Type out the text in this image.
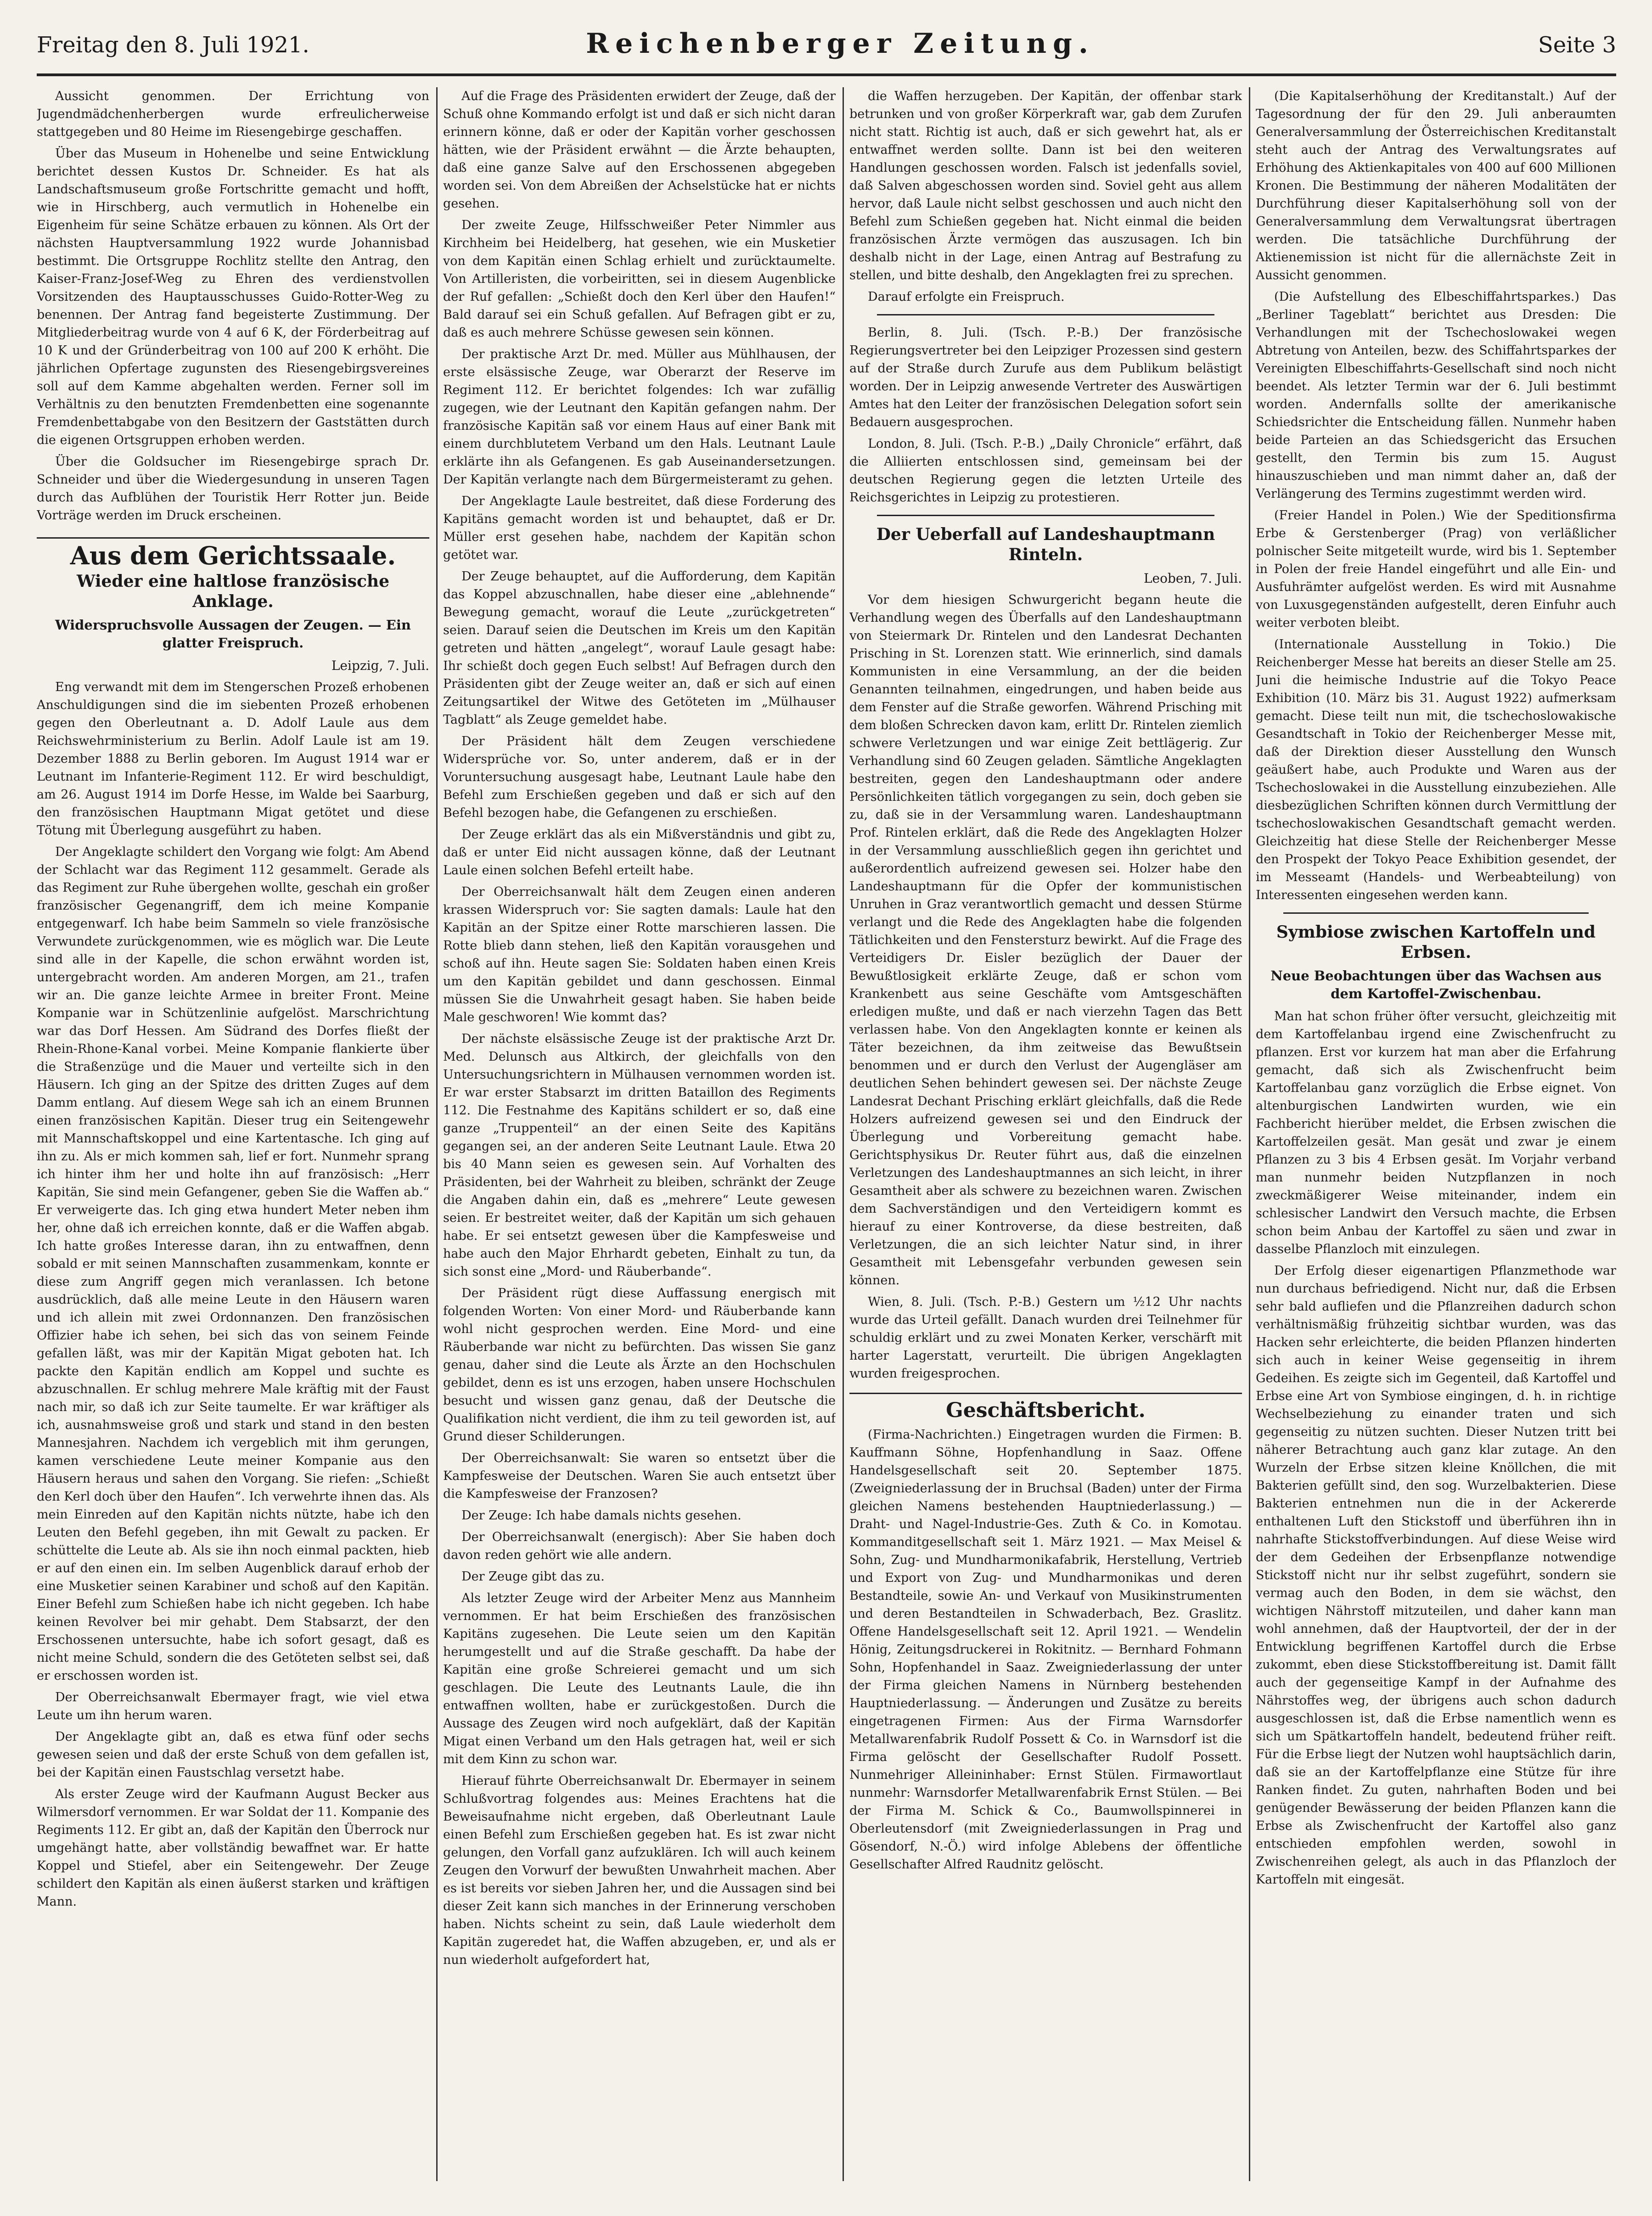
Freitag den 8. Juli 1921.	Reichenberger Zeitung.	Seite 3

Aussicht genommen. Der Errichtung von Jugendmädchenherbergen wurde erfreulicherweise stattgegeben und 80 Heime im Riesengebirge geschaffen.

Über das Museum in Hohenelbe und seine Entwicklung berichtet dessen Kustos Dr. Schneider. Es hat als Landschaftsmuseum große Fortschritte gemacht und hofft, wie in Hirschberg, auch vermutlich in Hohenelbe ein Eigenheim für seine Schätze erbauen zu können. Als Ort der nächsten Hauptversammlung 1922 wurde Johannisbad bestimmt. Die Ortsgruppe Rochlitz stellte den Antrag, den Kaiser-Franz-Josef-Weg zu Ehren des verdienstvollen Vorsitzenden des Hauptausschusses Guido-Rotter-Weg zu benennen. Der Antrag fand begeisterte Zustimmung. Der Mitgliederbeitrag wurde von 4 auf 6 K, der Förderbeitrag auf 10 K und der Gründerbeitrag von 100 auf 200 K erhöht. Die jährlichen Opfertage zugunsten des Riesengebirgsvereines soll auf dem Kamme abgehalten werden. Ferner soll im Verhältnis zu den benutzten Fremdenbetten eine sogenannte Fremdenbettabgabe von den Besitzern der Gaststätten durch die eigenen Ortsgruppen erhoben werden.

Über die Goldsucher im Riesengebirge sprach Dr. Schneider und über die Wiedergesundung in unseren Tagen durch das Aufblühen der Touristik Herr Rotter jun. Beide Vorträge werden im Druck erscheinen.

Aus dem Gerichtssaale.
Wieder eine haltlose französische Anklage.
Widerspruchsvolle Aussagen der Zeugen. — Ein glatter Freispruch.
Leipzig, 7. Juli.

Eng verwandt mit dem im Stengerschen Prozeß erhobenen Anschuldigungen sind die im siebenten Prozeß erhobenen gegen den Oberleutnant a. D. Adolf Laule aus dem Reichswehrministerium zu Berlin. Adolf Laule ist am 19. Dezember 1888 zu Berlin geboren. Im August 1914 war er Leutnant im Infanterie-Regiment 112. Er wird beschuldigt, am 26. August 1914 im Dorfe Hesse, im Walde bei Saarburg, den französischen Hauptmann Migat getötet und diese Tötung mit Überlegung ausgeführt zu haben.

Der Angeklagte schildert den Vorgang wie folgt: Am Abend der Schlacht war das Regiment 112 gesammelt. Gerade als das Regiment zur Ruhe übergehen wollte, geschah ein großer französischer Gegenangriff, dem ich meine Kompanie entgegenwarf. Ich habe beim Sammeln so viele französische Verwundete zurückgenommen, wie es möglich war. Die Leute sind alle in der Kapelle, die schon erwähnt worden ist, untergebracht worden. Am anderen Morgen, am 21., trafen wir an. Die ganze leichte Armee in breiter Front. Meine Kompanie war in Schützenlinie aufgelöst. Marschrichtung war das Dorf Hessen. Am Südrand des Dorfes fließt der Rhein-Rhone-Kanal vorbei. Meine Kompanie flankierte über die Straßenzüge und die Mauer und verteilte sich in den Häusern. Ich ging an der Spitze des dritten Zuges auf dem Damm entlang. Auf diesem Wege sah ich an einem Brunnen einen französischen Kapitän. Dieser trug ein Seitengewehr mit Mannschaftskoppel und eine Kartentasche. Ich ging auf ihn zu. Als er mich kommen sah, lief er fort. Nunmehr sprang ich hinter ihm her und holte ihn auf französisch: „Herr Kapitän, Sie sind mein Gefangener, geben Sie die Waffen ab.“ Er verweigerte das. Ich ging etwa hundert Meter neben ihm her, ohne daß ich erreichen konnte, daß er die Waffen abgab. Ich hatte großes Interesse daran, ihn zu entwaffnen, denn sobald er mit seinen Mannschaften zusammenkam, konnte er diese zum Angriff gegen mich veranlassen. Ich betone ausdrücklich, daß alle meine Leute in den Häusern waren und ich allein mit zwei Ordonnanzen. Den französischen Offizier habe ich sehen, bei sich das von seinem Feinde gefallen läßt, was mir der Kapitän Migat geboten hat. Ich packte den Kapitän endlich am Koppel und suchte es abzuschnallen. Er schlug mehrere Male kräftig mit der Faust nach mir, so daß ich zur Seite taumelte. Er war kräftiger als ich, ausnahmsweise groß und stark und stand in den besten Mannesjahren. Nachdem ich vergeblich mit ihm gerungen, kamen verschiedene Leute meiner Kompanie aus den Häusern heraus und sahen den Vorgang. Sie riefen: „Schießt den Kerl doch über den Haufen“. Ich verwehrte ihnen das. Als mein Einreden auf den Kapitän nichts nützte, habe ich den Leuten den Befehl gegeben, ihn mit Gewalt zu packen. Er schüttelte die Leute ab. Als sie ihn noch einmal packten, hieb er auf den einen ein. Im selben Augenblick darauf erhob der eine Musketier seinen Karabiner und schoß auf den Kapitän. Einer Befehl zum Schießen habe ich nicht gegeben. Ich habe keinen Revolver bei mir gehabt. Dem Stabsarzt, der den Erschossenen untersuchte, habe ich sofort gesagt, daß es nicht meine Schuld, sondern die des Getöteten selbst sei, daß er erschossen worden ist.

Der Oberreichsanwalt Ebermayer fragt, wie viel etwa Leute um ihn herum waren.

Der Angeklagte gibt an, daß es etwa fünf oder sechs gewesen seien und daß der erste Schuß von dem gefallen ist, bei der Kapitän einen Faustschlag versetzt habe.

Als erster Zeuge wird der Kaufmann August Becker aus Wilmersdorf vernommen. Er war Soldat der 11. Kompanie des Regiments 112. Er gibt an, daß der Kapitän den Überrock nur umgehängt hatte, aber vollständig bewaffnet war. Er hatte Koppel und Stiefel, aber ein Seitengewehr. Der Zeuge schildert den Kapitän als einen äußerst starken und kräftigen Mann.

Auf die Frage des Präsidenten erwidert der Zeuge, daß der Schuß ohne Kommando erfolgt ist und daß er sich nicht daran erinnern könne, daß er oder der Kapitän vorher geschossen hätten, wie der Präsident erwähnt — die Ärzte behaupten, daß eine ganze Salve auf den Erschossenen abgegeben worden sei. Von dem Abreißen der Achselstücke hat er nichts gesehen.

Der zweite Zeuge, Hilfsschweißer Peter Nimmler aus Kirchheim bei Heidelberg, hat gesehen, wie ein Musketier von dem Kapitän einen Schlag erhielt und zurücktaumelte. Von Artilleristen, die vorbeiritten, sei in diesem Augenblicke der Ruf gefallen: „Schießt doch den Kerl über den Haufen!“ Bald darauf sei ein Schuß gefallen. Auf Befragen gibt er zu, daß es auch mehrere Schüsse gewesen sein können.

Der praktische Arzt Dr. med. Müller aus Mühlhausen, der erste elsässische Zeuge, war Oberarzt der Reserve im Regiment 112. Er berichtet folgendes: Ich war zufällig zugegen, wie der Leutnant den Kapitän gefangen nahm. Der französische Kapitän saß vor einem Haus auf einer Bank mit einem durchblutetem Verband um den Hals. Leutnant Laule erklärte ihn als Gefangenen. Es gab Auseinandersetzungen. Der Kapitän verlangte nach dem Bürgermeisteramt zu gehen.

Der Angeklagte Laule bestreitet, daß diese Forderung des Kapitäns gemacht worden ist und behauptet, daß er Dr. Müller erst gesehen habe, nachdem der Kapitän schon getötet war.

Der Zeuge behauptet, auf die Aufforderung, dem Kapitän das Koppel abzuschnallen, habe dieser eine „ablehnende“ Bewegung gemacht, worauf die Leute „zurückgetreten“ seien. Darauf seien die Deutschen im Kreis um den Kapitän getreten und hätten „angelegt“, worauf Laule gesagt habe: Ihr schießt doch gegen Euch selbst! Auf Befragen durch den Präsidenten gibt der Zeuge weiter an, daß er sich auf einen Zeitungsartikel der Witwe des Getöteten im „Mülhauser Tagblatt“ als Zeuge gemeldet habe.

Der Präsident hält dem Zeugen verschiedene Widersprüche vor. So, unter anderem, daß er in der Voruntersuchung ausgesagt habe, Leutnant Laule habe den Befehl zum Erschießen gegeben und daß er sich auf den Befehl bezogen habe, die Gefangenen zu erschießen.

Der Zeuge erklärt das als ein Mißverständnis und gibt zu, daß er unter Eid nicht aussagen könne, daß der Leutnant Laule einen solchen Befehl erteilt habe.

Der Oberreichsanwalt hält dem Zeugen einen anderen krassen Widerspruch vor: Sie sagten damals: Laule hat den Kapitän an der Spitze einer Rotte marschieren lassen. Die Rotte blieb dann stehen, ließ den Kapitän vorausgehen und schoß auf ihn. Heute sagen Sie: Soldaten haben einen Kreis um den Kapitän gebildet und dann geschossen. Einmal müssen Sie die Unwahrheit gesagt haben. Sie haben beide Male geschworen! Wie kommt das?

Der nächste elsässische Zeuge ist der praktische Arzt Dr. Med. Delunsch aus Altkirch, der gleichfalls von den Untersuchungsrichtern in Mülhausen vernommen worden ist. Er war erster Stabsarzt im dritten Bataillon des Regiments 112. Die Festnahme des Kapitäns schildert er so, daß eine ganze „Truppenteil“ an der einen Seite des Kapitäns gegangen sei, an der anderen Seite Leutnant Laule. Etwa 20 bis 40 Mann seien es gewesen sein. Auf Vorhalten des Präsidenten, bei der Wahrheit zu bleiben, schränkt der Zeuge die Angaben dahin ein, daß es „mehrere“ Leute gewesen seien. Er bestreitet weiter, daß der Kapitän um sich gehauen habe. Er sei entsetzt gewesen über die Kampfesweise und habe auch den Major Ehrhardt gebeten, Einhalt zu tun, da sich sonst eine „Mord- und Räuberbande“.

Der Präsident rügt diese Auffassung energisch mit folgenden Worten: Von einer Mord- und Räuberbande kann wohl nicht gesprochen werden. Eine Mord- und eine Räuberbande war nicht zu befürchten. Das wissen Sie ganz genau, daher sind die Leute als Ärzte an den Hochschulen gebildet, denn es ist uns erzogen, haben unsere Hochschulen besucht und wissen ganz genau, daß der Deutsche die Qualifikation nicht verdient, die ihm zu teil geworden ist, auf Grund dieser Schilderungen.

Der Oberreichsanwalt: Sie waren so entsetzt über die Kampfesweise der Deutschen. Waren Sie auch entsetzt über die Kampfesweise der Franzosen?

Der Zeuge: Ich habe damals nichts gesehen.

Der Oberreichsanwalt (energisch): Aber Sie haben doch davon reden gehört wie alle andern.

Der Zeuge gibt das zu.

Als letzter Zeuge wird der Arbeiter Menz aus Mannheim vernommen. Er hat beim Erschießen des französischen Kapitäns zugesehen. Die Leute seien um den Kapitän herumgestellt und auf die Straße geschafft. Da habe der Kapitän eine große Schreierei gemacht und um sich geschlagen. Die Leute des Leutnants Laule, die ihn entwaffnen wollten, habe er zurückgestoßen. Durch die Aussage des Zeugen wird noch aufgeklärt, daß der Kapitän Migat einen Verband um den Hals getragen hat, weil er sich mit dem Kinn zu schon war.

Hierauf führte Oberreichsanwalt Dr. Ebermayer in seinem Schlußvortrag folgendes aus: Meines Erachtens hat die Beweisaufnahme nicht ergeben, daß Oberleutnant Laule einen Befehl zum Erschießen gegeben hat. Es ist zwar nicht gelungen, den Vorfall ganz aufzuklären. Ich will auch keinem Zeugen den Vorwurf der bewußten Unwahrheit machen. Aber es ist bereits vor sieben Jahren her, und die Aussagen sind bei dieser Zeit kann sich manches in der Erinnerung verschoben haben. Nichts scheint zu sein, daß Laule wiederholt dem Kapitän zugeredet hat, die Waffen abzugeben, er, und als er nun wiederholt aufgefordert hat,

die Waffen herzugeben. Der Kapitän, der offenbar stark betrunken und von großer Körperkraft war, gab dem Zurufen nicht statt. Richtig ist auch, daß er sich gewehrt hat, als er entwaffnet werden sollte. Dann ist bei den weiteren Handlungen geschossen worden. Falsch ist jedenfalls soviel, daß Salven abgeschossen worden sind. Soviel geht aus allem hervor, daß Laule nicht selbst geschossen und auch nicht den Befehl zum Schießen gegeben hat. Nicht einmal die beiden französischen Ärzte vermögen das auszusagen. Ich bin deshalb nicht in der Lage, einen Antrag auf Bestrafung zu stellen, und bitte deshalb, den Angeklagten frei zu sprechen.

Darauf erfolgte ein Freispruch.

Berlin, 8. Juli. (Tsch. P.-B.) Der französische Regierungsvertreter bei den Leipziger Prozessen sind gestern auf der Straße durch Zurufe aus dem Publikum belästigt worden. Der in Leipzig anwesende Vertreter des Auswärtigen Amtes hat den Leiter der französischen Delegation sofort sein Bedauern ausgesprochen.

London, 8. Juli. (Tsch. P.-B.) „Daily Chronicle“ erfährt, daß die Alliierten entschlossen sind, gemeinsam bei der deutschen Regierung gegen die letzten Urteile des Reichsgerichtes in Leipzig zu protestieren.

Der Ueberfall auf Landeshauptmann Rinteln.
Leoben, 7. Juli.

Vor dem hiesigen Schwurgericht begann heute die Verhandlung wegen des Überfalls auf den Landeshauptmann von Steiermark Dr. Rintelen und den Landesrat Dechanten Prisching in St. Lorenzen statt. Wie erinnerlich, sind damals Kommunisten in eine Versammlung, an der die beiden Genannten teilnahmen, eingedrungen, und haben beide aus dem Fenster auf die Straße geworfen. Während Prisching mit dem bloßen Schrecken davon kam, erlitt Dr. Rintelen ziemlich schwere Verletzungen und war einige Zeit bettlägerig. Zur Verhandlung sind 60 Zeugen geladen. Sämtliche Angeklagten bestreiten, gegen den Landeshauptmann oder andere Persönlichkeiten tätlich vorgegangen zu sein, doch geben sie zu, daß sie in der Versammlung waren. Landeshauptmann Prof. Rintelen erklärt, daß die Rede des Angeklagten Holzer in der Versammlung ausschließlich gegen ihn gerichtet und außerordentlich aufreizend gewesen sei. Holzer habe den Landeshauptmann für die Opfer der kommunistischen Unruhen in Graz verantwortlich gemacht und dessen Stürme verlangt und die Rede des Angeklagten habe die folgenden Tätlichkeiten und den Fenstersturz bewirkt. Auf die Frage des Verteidigers Dr. Eisler bezüglich der Dauer der Bewußtlosigkeit erklärte Zeuge, daß er schon vom Krankenbett aus seine Geschäfte vom Amtsgeschäften erledigen mußte, und daß er nach vierzehn Tagen das Bett verlassen habe. Von den Angeklagten konnte er keinen als Täter bezeichnen, da ihm zeitweise das Bewußtsein benommen und er durch den Verlust der Augengläser am deutlichen Sehen behindert gewesen sei. Der nächste Zeuge Landesrat Dechant Prisching erklärt gleichfalls, daß die Rede Holzers aufreizend gewesen sei und den Eindruck der Überlegung und Vorbereitung gemacht habe. Gerichtsphysikus Dr. Reuter führt aus, daß die einzelnen Verletzungen des Landeshauptmannes an sich leicht, in ihrer Gesamtheit aber als schwere zu bezeichnen waren. Zwischen dem Sachverständigen und den Verteidigern kommt es hierauf zu einer Kontroverse, da diese bestreiten, daß Verletzungen, die an sich leichter Natur sind, in ihrer Gesamtheit mit Lebensgefahr verbunden gewesen sein können.

Wien, 8. Juli. (Tsch. P.-B.) Gestern um ½12 Uhr nachts wurde das Urteil gefällt. Danach wurden drei Teilnehmer für schuldig erklärt und zu zwei Monaten Kerker, verschärft mit harter Lagerstatt, verurteilt. Die übrigen Angeklagten wurden freigesprochen.

Geschäftsbericht.

(Firma-Nachrichten.) Eingetragen wurden die Firmen: B. Kauffmann Söhne, Hopfenhandlung in Saaz. Offene Handelsgesellschaft seit 20. September 1875. (Zweigniederlassung der in Bruchsal (Baden) unter der Firma gleichen Namens bestehenden Hauptniederlassung.) — Draht- und Nagel-Industrie-Ges. Zuth & Co. in Komotau. Kommanditgesellschaft seit 1. März 1921. — Max Meisel & Sohn, Zug- und Mundharmonikafabrik, Herstellung, Vertrieb und Export von Zug- und Mundharmonikas und deren Bestandteile, sowie An- und Verkauf von Musikinstrumenten und deren Bestandteilen in Schwaderbach, Bez. Graslitz. Offene Handelsgesellschaft seit 12. April 1921. — Wendelin Hönig, Zeitungsdruckerei in Rokitnitz. — Bernhard Fohmann Sohn, Hopfenhandel in Saaz. Zweigniederlassung der unter der Firma gleichen Namens in Nürnberg bestehenden Hauptniederlassung. — Änderungen und Zusätze zu bereits eingetragenen Firmen: Aus der Firma Warnsdorfer Metallwarenfabrik Rudolf Possett & Co. in Warnsdorf ist die Firma gelöscht der Gesellschafter Rudolf Possett. Nunmehriger Alleininhaber: Ernst Stülen. Firmawortlaut nunmehr: Warnsdorfer Metallwarenfabrik Ernst Stülen. — Bei der Firma M. Schick & Co., Baumwollspinnerei in Oberleutensdorf (mit Zweigniederlassungen in Prag und Gösendorf, N.-Ö.) wird infolge Ablebens der öffentliche Gesellschafter Alfred Raudnitz gelöscht.

(Die Kapitalserhöhung der Kreditanstalt.) Auf der Tagesordnung der für den 29. Juli anberaumten Generalversammlung der Österreichischen Kreditanstalt steht auch der Antrag des Verwaltungsrates auf Erhöhung des Aktienkapitales von 400 auf 600 Millionen Kronen. Die Bestimmung der näheren Modalitäten der Durchführung dieser Kapitalserhöhung soll von der Generalversammlung dem Verwaltungsrat übertragen werden. Die tatsächliche Durchführung der Aktienemission ist nicht für die allernächste Zeit in Aussicht genommen.

(Die Aufstellung des Elbeschiffahrtsparkes.) Das „Berliner Tageblatt“ berichtet aus Dresden: Die Verhandlungen mit der Tschechoslowakei wegen Abtretung von Anteilen, bezw. des Schiffahrtsparkes der Vereinigten Elbeschiffahrts-Gesellschaft sind noch nicht beendet. Als letzter Termin war der 6. Juli bestimmt worden. Andernfalls sollte der amerikanische Schiedsrichter die Entscheidung fällen. Nunmehr haben beide Parteien an das Schiedsgericht das Ersuchen gestellt, den Termin bis zum 15. August hinauszuschieben und man nimmt daher an, daß der Verlängerung des Termins zugestimmt werden wird.

(Freier Handel in Polen.) Wie der Speditionsfirma Erbe & Gerstenberger (Prag) von verläßlicher polnischer Seite mitgeteilt wurde, wird bis 1. September in Polen der freie Handel eingeführt und alle Ein- und Ausfuhrämter aufgelöst werden. Es wird mit Ausnahme von Luxusgegenständen aufgestellt, deren Einfuhr auch weiter verboten bleibt.

(Internationale Ausstellung in Tokio.) Die Reichenberger Messe hat bereits an dieser Stelle am 25. Juni die heimische Industrie auf die Tokyo Peace Exhibition (10. März bis 31. August 1922) aufmerksam gemacht. Diese teilt nun mit, die tschechoslowakische Gesandtschaft in Tokio der Reichenberger Messe mit, daß der Direktion dieser Ausstellung den Wunsch geäußert habe, auch Produkte und Waren aus der Tschechoslowakei in die Ausstellung einzubeziehen. Alle diesbezüglichen Schriften können durch Vermittlung der tschechoslowakischen Gesandtschaft gemacht werden. Gleichzeitig hat diese Stelle der Reichenberger Messe den Prospekt der Tokyo Peace Exhibition gesendet, der im Messeamt (Handels- und Werbeabteilung) von Interessenten eingesehen werden kann.

Symbiose zwischen Kartoffeln und Erbsen.
Neue Beobachtungen über das Wachsen aus dem Kartoffel-Zwischenbau.

Man hat schon früher öfter versucht, gleichzeitig mit dem Kartoffelanbau irgend eine Zwischenfrucht zu pflanzen. Erst vor kurzem hat man aber die Erfahrung gemacht, daß sich als Zwischenfrucht beim Kartoffelanbau ganz vorzüglich die Erbse eignet. Von altenburgischen Landwirten wurden, wie ein Fachbericht hierüber meldet, die Erbsen zwischen die Kartoffelzeilen gesät. Man gesät und zwar je einem Pflanzen zu 3 bis 4 Erbsen gesät. Im Vorjahr verband man nunmehr beiden Nutzpflanzen in noch zweckmäßigerer Weise miteinander, indem ein schlesischer Landwirt den Versuch machte, die Erbsen schon beim Anbau der Kartoffel zu säen und zwar in dasselbe Pflanzloch mit einzulegen.

Der Erfolg dieser eigenartigen Pflanzmethode war nun durchaus befriedigend. Nicht nur, daß die Erbsen sehr bald aufliefen und die Pflanzreihen dadurch schon verhältnismäßig frühzeitig sichtbar wurden, was das Hacken sehr erleichterte, die beiden Pflanzen hinderten sich auch in keiner Weise gegenseitig in ihrem Gedeihen. Es zeigte sich im Gegenteil, daß Kartoffel und Erbse eine Art von Symbiose eingingen, d. h. in richtige Wechselbeziehung zu einander traten und sich gegenseitig zu nützen suchten. Dieser Nutzen tritt bei näherer Betrachtung auch ganz klar zutage. An den Wurzeln der Erbse sitzen kleine Knöllchen, die mit Bakterien gefüllt sind, den sog. Wurzelbakterien. Diese Bakterien entnehmen nun die in der Ackererde enthaltenen Luft den Stickstoff und überführen ihn in nahrhafte Stickstoffverbindungen. Auf diese Weise wird der dem Gedeihen der Erbsenpflanze notwendige Stickstoff nicht nur ihr selbst zugeführt, sondern sie vermag auch den Boden, in dem sie wächst, den wichtigen Nährstoff mitzuteilen, und daher kann man wohl annehmen, daß der Hauptvorteil, der der in der Entwicklung begriffenen Kartoffel durch die Erbse zukommt, eben diese Stickstoffbereitung ist. Damit fällt auch der gegenseitige Kampf in der Aufnahme des Nährstoffes weg, der übrigens auch schon dadurch ausgeschlossen ist, daß die Erbse namentlich wenn es sich um Spätkartoffeln handelt, bedeutend früher reift. Für die Erbse liegt der Nutzen wohl hauptsächlich darin, daß sie an der Kartoffelpflanze eine Stütze für ihre Ranken findet. Zu guten, nahrhaften Boden und bei genügender Bewässerung der beiden Pflanzen kann die Erbse als Zwischenfrucht der Kartoffel also ganz entschieden empfohlen werden, sowohl in Zwischenreihen gelegt, als auch in das Pflanzloch der Kartoffeln mit eingesät.
